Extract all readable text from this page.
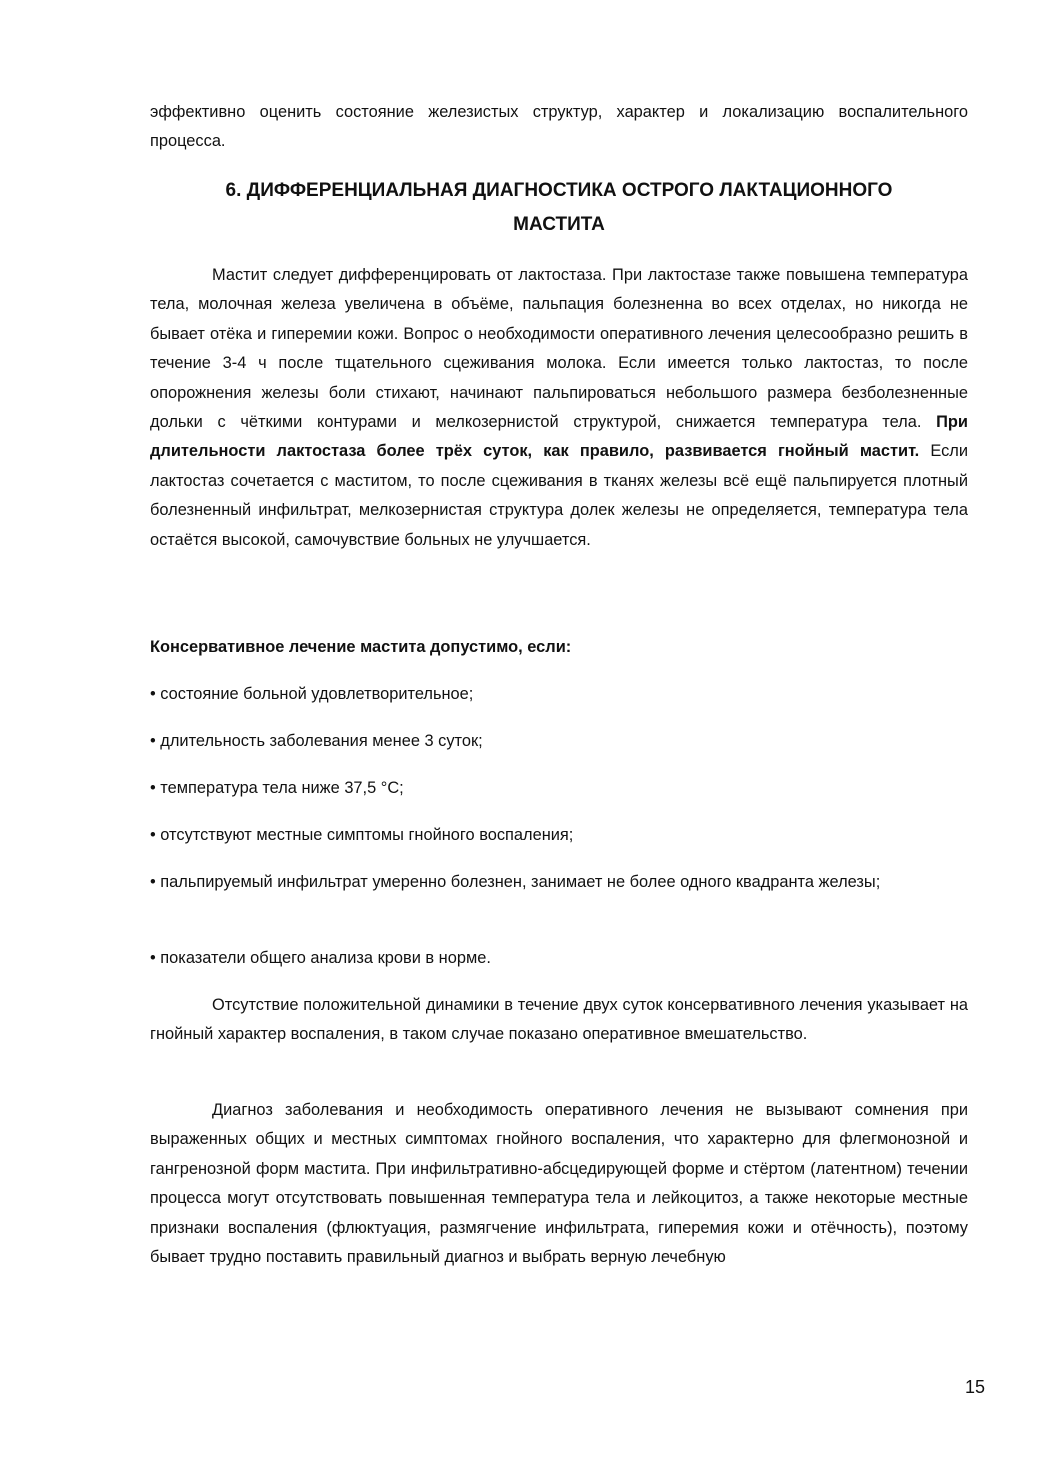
эффективно оценить состояние железистых структур, характер и локализацию воспалительного процесса.

6. ДИФФЕРЕНЦИАЛЬНАЯ ДИАГНОСТИКА ОСТРОГО ЛАКТАЦИОННОГО
МАСТИТА

Мастит следует дифференцировать от лактостаза. При лактостазе также повышена температура тела, молочная железа увеличена в объёме, пальпация болезненна во всех отделах, но никогда не бывает отёка и гиперемии кожи. Вопрос о необходимости оперативного лечения целесообразно решить в течение 3-4 ч после тщательного сцеживания молока. Если имеется только лактостаз, то после опорожнения железы боли стихают, начинают пальпироваться небольшого размера безболезненные дольки с чёткими контурами и мелкозернистой структурой, снижается температура тела. При длительности лактостаза более трёх суток, как правило, развивается гнойный мастит. Если лактостаз сочетается с маститом, то после сцеживания в тканях железы всё ещё пальпируется плотный болезненный инфильтрат, мелкозернистая структура долек железы не определяется, температура тела остаётся высокой, самочувствие больных не улучшается.

Консервативное лечение мастита допустимо, если:

• состояние больной удовлетворительное;

• длительность заболевания менее 3 суток;

• температура тела ниже 37,5 °С;

• отсутствуют местные симптомы гнойного воспаления;

• пальпируемый инфильтрат умеренно болезнен, занимает не более одного квадранта железы;

• показатели общего анализа крови в норме.

Отсутствие положительной динамики в течение двух суток консервативного лечения указывает на гнойный характер воспаления, в таком случае показано оперативное вмешательство.

Диагноз заболевания и необходимость оперативного лечения не вызывают сомнения при выраженных общих и местных симптомах гнойного воспаления, что характерно для флегмонозной и гангренозной форм мастита. При инфильтративно-абсцедирующей форме и стёртом (латентном) течении процесса могут отсутствовать повышенная температура тела и лейкоцитоз, а также некоторые местные признаки воспаления (флюктуация, размягчение инфильтрата, гиперемия кожи и отёчность), поэтому бывает трудно поставить правильный диагноз и выбрать верную лечебную

15
